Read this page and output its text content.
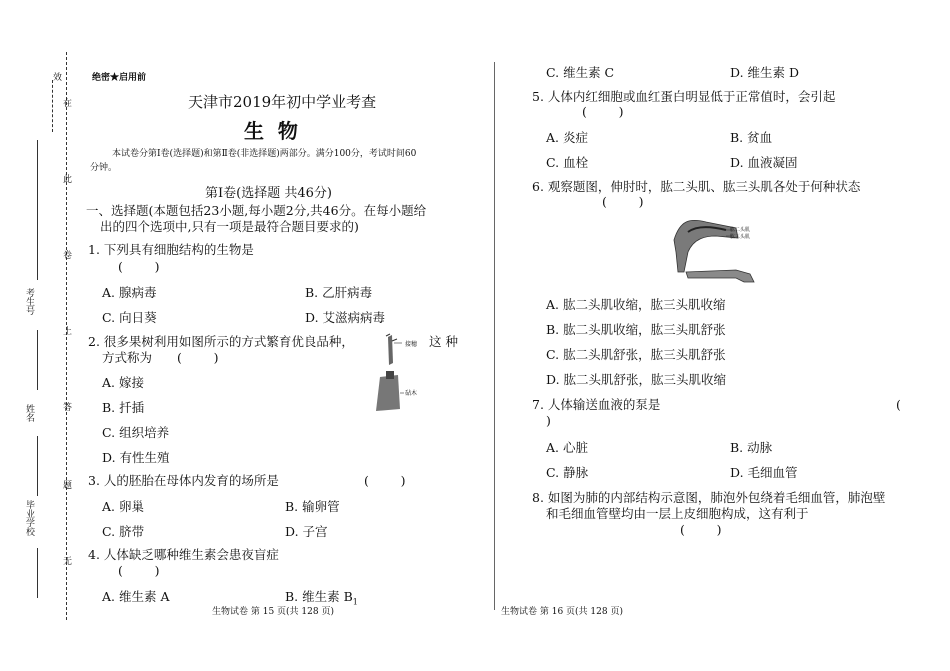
效
在
此
卷
上
答
题
无
考生号
姓名
毕业学校
绝密★启用前
天津市2019年初中学业考查
生  物
本试卷分第Ⅰ卷(选择题)和第Ⅱ卷(非选择题)两部分。满分100分，考试时间60
分钟。
第Ⅰ卷(选择题 共46分)
一、选择题(本题包括23小题,每小题2分,共46分。在每小题给
出的四个选项中,只有一项是最符合题目要求的)
1. 下列具有细胞结构的生物是
(        )
A. 腺病毒	B. 乙肝病毒
C. 向日葵	D. 艾滋病病毒
2. 很多果树利用如图所示的方式繁育优良品种，	这 种
方式称为 (        )
A. 嫁接
B. 扦插
C. 组织培养
D. 有性生殖
接穗
砧木
3. 人的胚胎在母体内发育的场所是	(        )
A. 卵巢	B. 输卵管
C. 脐带	D. 子宫
4. 人体缺乏哪种维生素会患夜盲症
(        )
A. 维生素 A	B. 维生素 $B_1$
生物试卷 第 15 页(共 128 页)
C. 维生素 C	D. 维生素 D
5. 人体内红细胞或血红蛋白明显低于正常值时，会引起
(        )
A. 炎症	B. 贫血
C. 血栓	D. 血液凝固
6. 观察题图，伸肘时，肱二头肌、肱三头肌各处于何种状态
(        )
肱二头肌
肱三头肌
A. 肱二头肌收缩，肱三头肌收缩
B. 肱二头肌收缩，肱三头肌舒张
C. 肱二头肌舒张，肱三头肌舒张
D. 肱二头肌舒张，肱三头肌收缩
7. 人体输送血液的泵是	(
)
A. 心脏	B. 动脉
C. 静脉	D. 毛细血管
8. 如图为肺的内部结构示意图，肺泡外包绕着毛细血管，肺泡壁
和毛细血管壁均由一层上皮细胞构成，这有利于
(        )
生物试卷 第 16 页(共 128 页)
